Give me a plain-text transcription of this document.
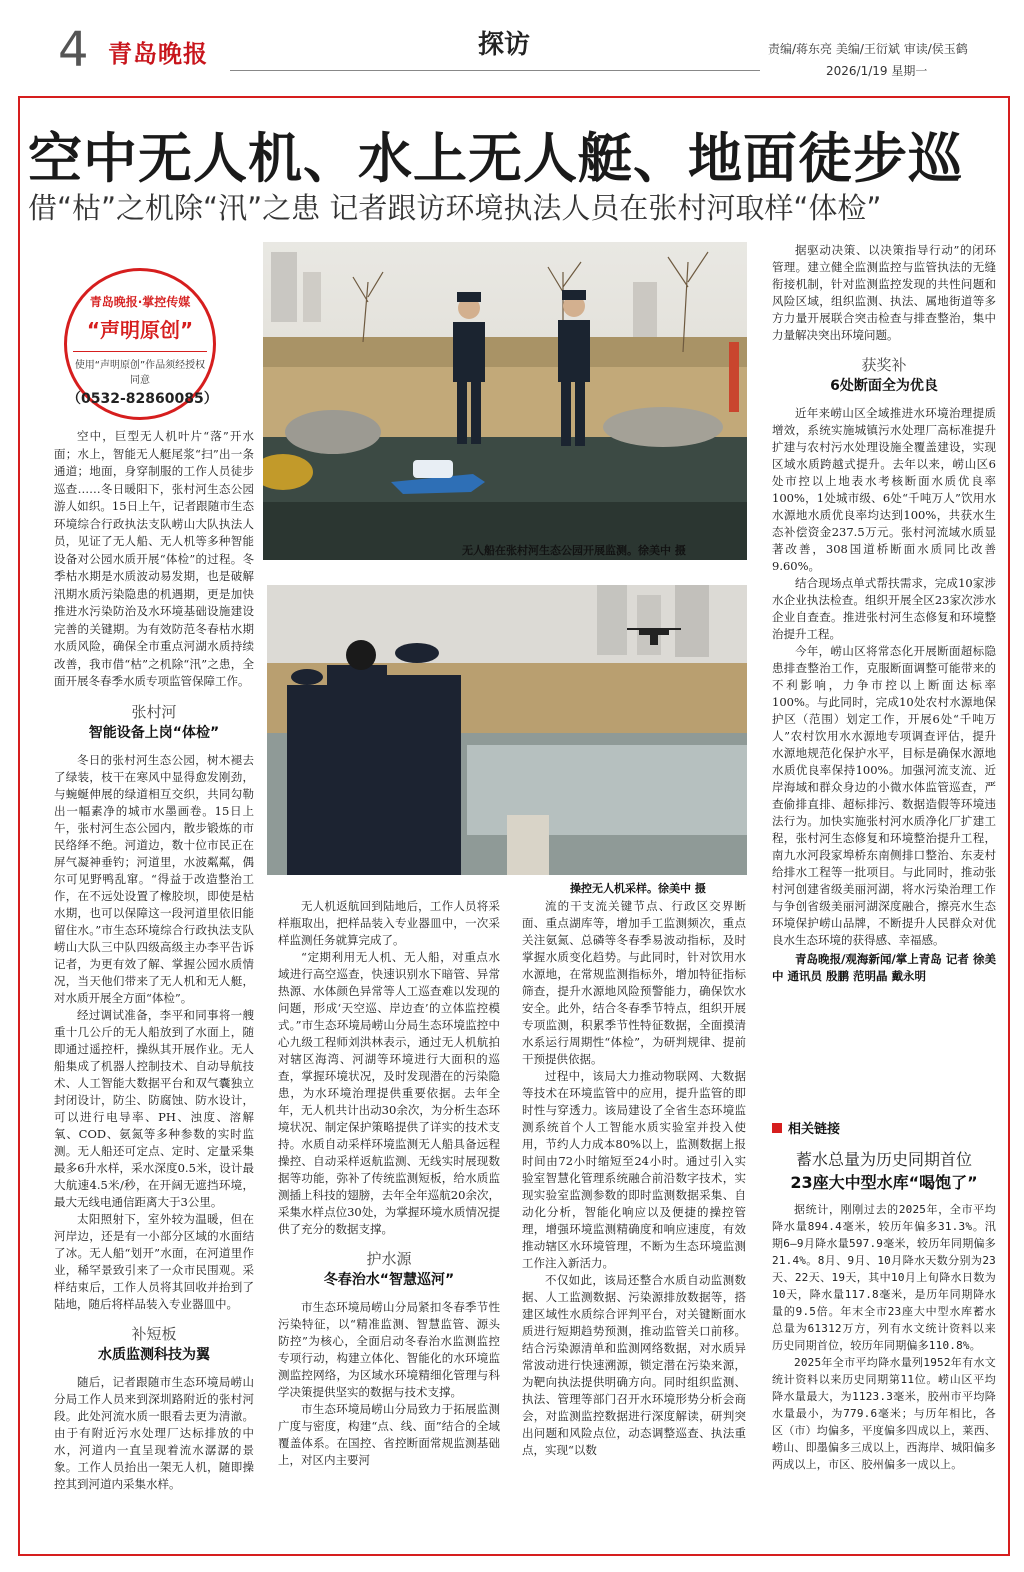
4 青岛晚报	探访	责编/蒋东亮 美编/王衍斌 审读/侯玉鹤
2026/1/19 星期一
空中无人机、水上无人艇、地面徒步巡
借“枯”之机除“汛”之患 记者跟访环境执法人员在张村河取样“体检”
青岛晚报·掌控传媒
“声明原创”
使用“声明原创”作品须经授权同意
（0532-82860085）
无人船在张村河生态公园开展监测。徐美中 摄
操控无人机采样。徐美中 摄

空中，巨型无人机叶片“落”开水面；水上，智能无人艇尾浆“扫”出一条通道；地面，身穿制服的工作人员徒步巡查……冬日暖阳下，张村河生态公园游人如织。15日上午，记者跟随市生态环境综合行政执法支队崂山大队执法人员，见证了无人船、无人机等多种智能设备对公园水质开展“体检”的过程。冬季枯水期是水质波动易发期，也是破解汛期水质污染隐患的机遇期，更是加快推进水污染防治及水环境基础设施建设完善的关键期。为有效防范冬春枯水期水质风险，确保全市重点河湖水质持续改善，我市借“枯”之机除“汛”之患，全面开展冬春季水质专项监管保障工作。

张村河
智能设备上岗“体检”

冬日的张村河生态公园，树木褪去了绿装，枝干在寒风中显得愈发刚劲，与蜿蜒伸展的绿道相互交织，共同勾勒出一幅素净的城市水墨画卷。15日上午，张村河生态公园内，散步锻炼的市民络绎不绝。河道边，数十位市民正在屏气凝神垂钓；河道里，水波粼粼，偶尔可见野鸭乱窜。“得益于改造整治工作，在不远处设置了橡胶坝，即使是枯水期，也可以保障这一段河道里依旧能留住水。”市生态环境综合行政执法支队崂山大队三中队四级高级主办李平告诉记者，为更有效了解、掌握公园水质情况，当天他们带来了无人机和无人艇，对水质开展全方面“体检”。

经过调试准备，李平和同事将一艘重十几公斤的无人船放到了水面上，随即通过遥控杆，操纵其开展作业。无人船集成了机器人控制技术、自动导航技术、人工智能大数据平台和双气囊独立封闭设计，防尘、防腐蚀、防水设计，可以进行电导率、PH、浊度、溶解氧、COD、氨氮等多种参数的实时监测。无人船还可定点、定时、定量采集最多6升水样，采水深度0.5米，设计最大航速4.5米/秒，在开阔无遮挡环境，最大无线电通信距离大于3公里。

太阳照射下，室外较为温暖，但在河岸边，还是有一小部分区域的水面结了冰。无人船“划开”水面，在河道里作业，稀罕景致引来了一众市民围观。采样结束后，工作人员将其回收并抬到了陆地，随后将样品装入专业器皿中。

补短板
水质监测科技为翼

随后，记者跟随市生态环境局崂山分局工作人员来到深圳路附近的张村河段。此处河流水质一眼看去更为清澈。由于有附近污水处理厂达标排放的中水，河道内一直呈现着流水潺潺的景象。工作人员抬出一架无人机，随即操控其到河道内采集水样。

无人机返航回到陆地后，工作人员将采样瓶取出，把样品装入专业器皿中，一次采样监测任务就算完成了。

“定期利用无人机、无人船，对重点水域进行高空巡查，快速识别水下暗管、异常热源、水体颜色异常等人工巡查难以发现的问题，形成‘天空巡、岸边查’的立体监控模式。”市生态环境局崂山分局生态环境监控中心九级工程师刘洪林表示，通过无人机航拍对辖区海湾、河湖等环境进行大面积的巡查，掌握环境状况，及时发现潜在的污染隐患，为水环境治理提供重要依据。去年全年，无人机共计出动30余次，为分析生态环境状况、制定保护策略提供了详实的技术支持。水质自动采样环境监测无人船具备远程操控、自动采样返航监测、无线实时展现数据等功能，弥补了传统监测短板，给水质监测插上科技的翅膀，去年全年巡航20余次，采集水样点位30处，为掌握环境水质情况提供了充分的数据支撑。

护水源
冬春治水“智慧巡河”

市生态环境局崂山分局紧扣冬春季节性污染特征，以“精准监测、智慧监管、源头防控”为核心，全面启动冬春治水监测监控专项行动，构建立体化、智能化的水环境监测监控网络，为区域水环境精细化管理与科学决策提供坚实的数据与技术支撑。

市生态环境局崂山分局致力于拓展监测广度与密度，构建“点、线、面”结合的全域覆盖体系。在国控、省控断面常规监测基础上，对区内主要河

流的干支流关键节点、行政区交界断面、重点湖库等，增加手工监测频次，重点关注氨氮、总磷等冬春季易波动指标，及时掌握水质变化趋势。与此同时，针对饮用水水源地，在常规监测指标外，增加特征指标筛查，提升水源地风险预警能力，确保饮水安全。此外，结合冬春季节特点，组织开展专项监测，积累季节性特征数据，全面摸清水系运行周期性“体检”，为研判规律、提前干预提供依据。

过程中，该局大力推动物联网、大数据等技术在环境监管中的应用，提升监管的即时性与穿透力。该局建设了全省生态环境监测系统首个人工智能水质实验室并投入使用，节约人力成本80%以上，监测数据上报时间由72小时缩短至24小时。通过引入实验室智慧化管理系统融合前沿数字技术，实现实验室监测参数的即时监测数据采集、自动化分析，智能化响应以及便捷的操控管理，增强环境监测精确度和响应速度，有效推动辖区水环境管理，不断为生态环境监测工作注入新活力。

不仅如此，该局还整合水质自动监测数据、人工监测数据、污染源排放数据等，搭建区域性水质综合评判平台，对关键断面水质进行短期趋势预测，推动监管关口前移。结合污染源清单和监测网络数据，对水质异常波动进行快速溯源，锁定潜在污染来源，为靶向执法提供明确方向。同时组织监测、执法、管理等部门召开水环境形势分析会商会，对监测监控数据进行深度解读，研判突出问题和风险点位，动态调整巡查、执法重点，实现“以数

据驱动决策、以决策指导行动”的闭环管理。建立健全监测监控与监管执法的无缝衔接机制，针对监测监控发现的共性问题和风险区域，组织监测、执法、属地街道等多方力量开展联合突击检查与排查整治，集中力量解决突出环境问题。

获奖补
6处断面全为优良

近年来崂山区全域推进水环境治理提质增效，系统实施城镇污水处理厂高标准提升扩建与农村污水处理设施全覆盖建设，实现区域水质跨越式提升。去年以来，崂山区6处市控以上地表水考核断面水质优良率100%，1处城市级、6处“千吨万人”饮用水水源地水质优良率均达到100%，共获水生态补偿资金237.5万元。张村河流域水质显著改善，308国道桥断面水质同比改善9.60%。

结合现场点单式帮扶需求，完成10家涉水企业执法检查。组织开展全区23家次涉水企业自查查。推进张村河生态修复和环境整治提升工程。

今年，崂山区将常态化开展断面超标隐患排查整治工作，克服断面调整可能带来的不利影响，力争市控以上断面达标率100%。与此同时，完成10处农村水源地保护区（范围）划定工作，开展6处“千吨万人”农村饮用水水源地专项调查评估，提升水源地规范化保护水平，目标是确保水源地水质优良率保持100%。加强河流支流、近岸海域和群众身边的小微水体监管巡查，严查偷排直排、超标排污、数据造假等环境违法行为。加快实施张村河水质净化厂扩建工程，张村河生态修复和环境整治提升工程，南九水河段家埠桥东南侧排口整治、东麦村给排水工程等一批项目。与此同时，推动张村河创建省级美丽河湖，将水污染治理工作与争创省级美丽河湖深度融合，擦亮水生态环境保护崂山品牌，不断提升人民群众对优良水生态环境的获得感、幸福感。

青岛晚报/观海新闻/掌上青岛 记者 徐美中 通讯员 殷鹏 范明晶 戴永明
相关链接
蓄水总量为历史同期首位
23座大中型水库“喝饱了”

据统计，刚刚过去的2025年，全市平均降水量894.4毫米，较历年偏多31.3%。汛期6—9月降水量597.9毫米，较历年同期偏多21.4%。8月、9月、10月降水天数分别为23天、22天、19天，其中10月上旬降水日数为10天，降水量117.8毫米，是历年同期降水量的9.5倍。年末全市23座大中型水库蓄水总量为61312万方，列有水文统计资料以来历史同期首位，较历年同期偏多110.8%。

2025年全市平均降水量列1952年有水文统计资料以来历史同期第11位。崂山区平均降水量最大，为1123.3毫米，胶州市平均降水量最小，为779.6毫米；与历年相比，各区（市）均偏多，平度偏多四成以上，莱西、崂山、即墨偏多三成以上，西海岸、城阳偏多两成以上，市区、胶州偏多一成以上。
